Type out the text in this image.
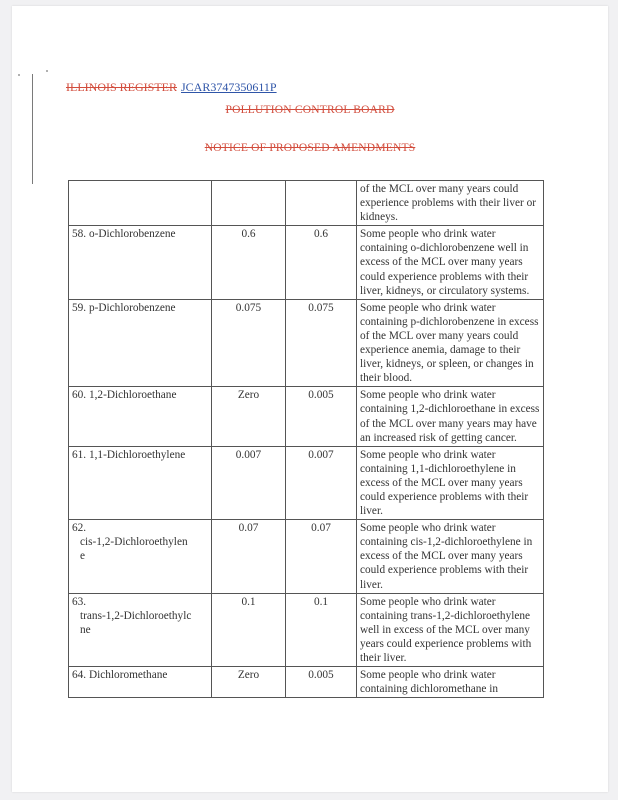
ILLINOIS REGISTER JCAR3747350611P
POLLUTION CONTROL BOARD
NOTICE OF PROPOSED AMENDMENTS
			of the MCL over many years could experience problems with their liver or kidneys.

58. o-Dichlorobenzene	0.6	0.6	Some people who drink water containing o-dichlorobenzene well in excess of the MCL over many years could experience problems with their liver, kidneys, or circulatory systems.

59. p-Dichlorobenzene	0.075	0.075	Some people who drink water containing p-dichlorobenzene in excess of the MCL over many years could experience anemia, damage to their liver, kidneys, or spleen, or changes in their blood.

60. 1,2-Dichloroethane	Zero	0.005	Some people who drink water containing 1,2-dichloroethane in excess of the MCL over many years may have an increased risk of getting cancer.

61. 1,1-Dichloroethylene	0.007	0.007	Some people who drink water containing 1,1-dichloroethylene in excess of the MCL over many years could experience problems with their liver.

62.
cis-1,2-Dichloroethylen
e	0.07	0.07	Some people who drink water containing cis-1,2-dichloroethylene in excess of the MCL over many years could experience problems with their liver.

63.
trans-1,2-Dichloroethylc
ne	0.1	0.1	Some people who drink water containing trans-1,2-dichloroethylene well in excess of the MCL over many years could experience problems with their liver.

64. Dichloromethane	Zero	0.005	Some people who drink water containing dichloromethane in
